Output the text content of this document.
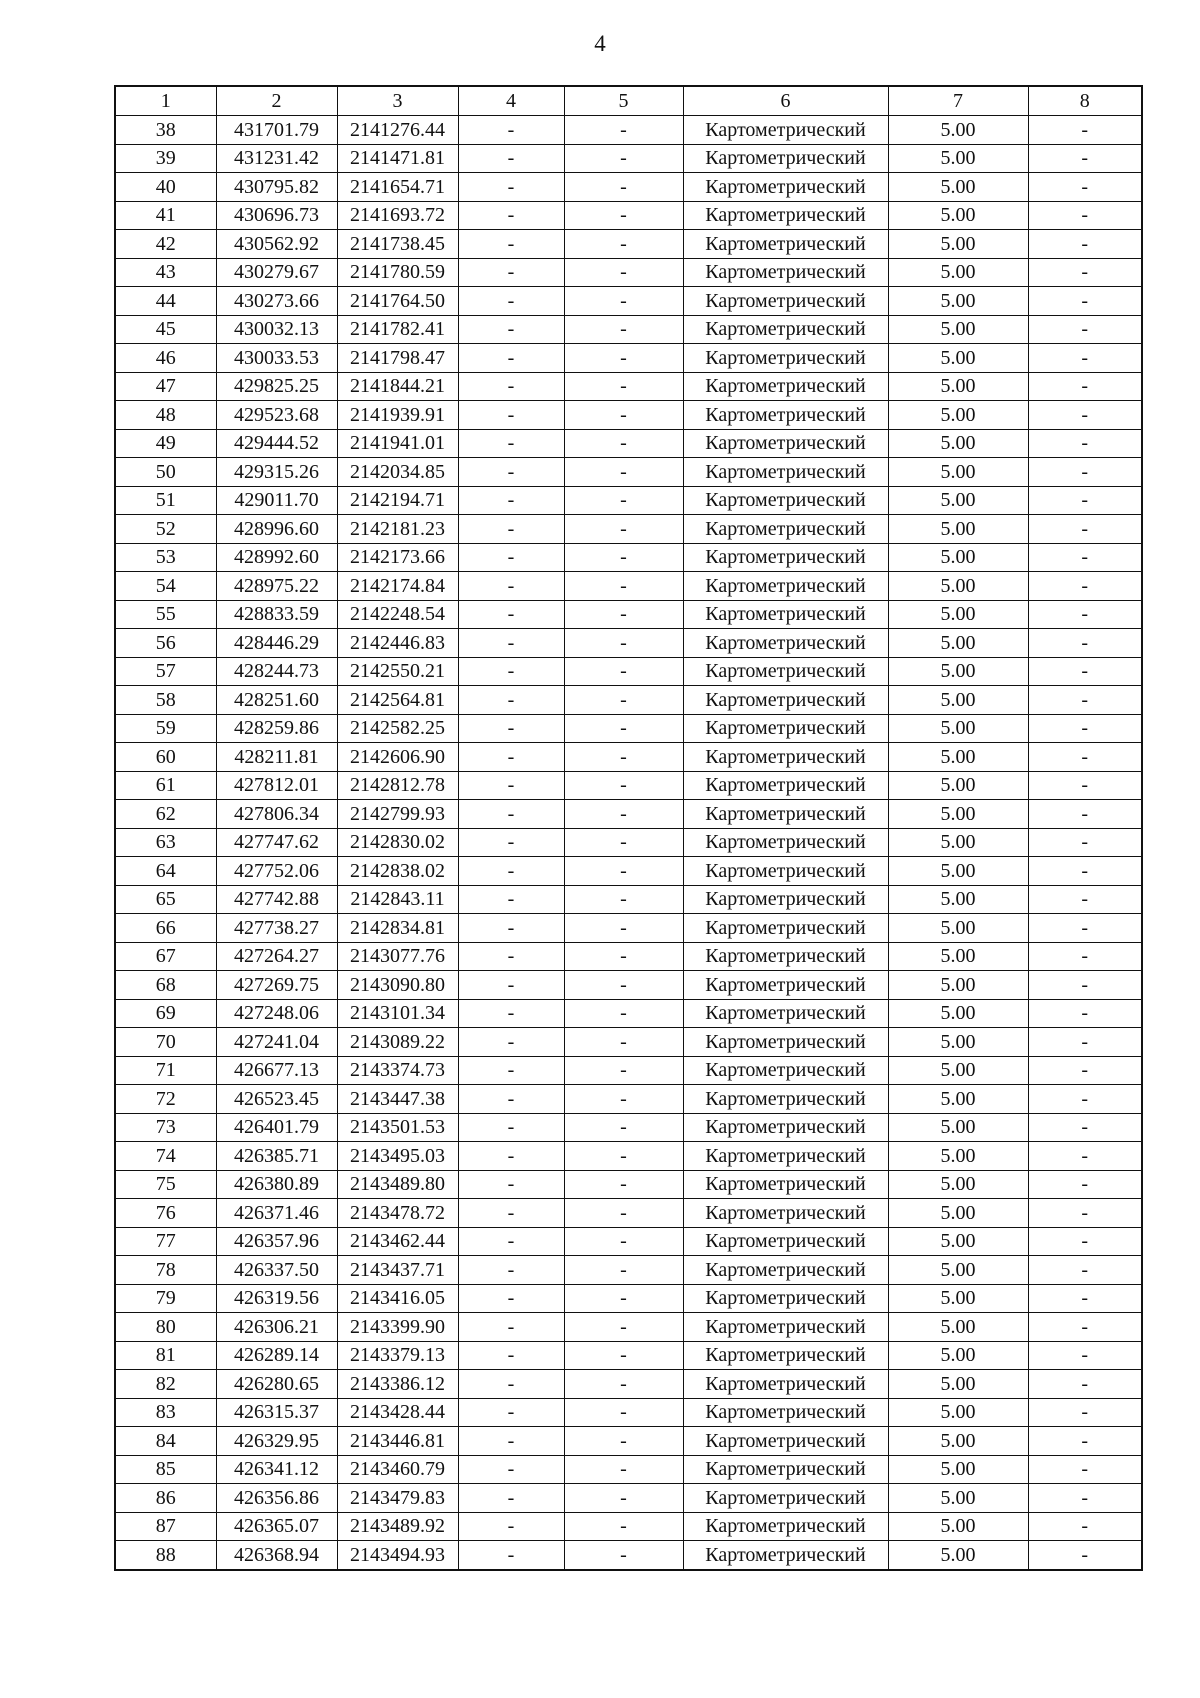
4
1	2	3	4	5	6	7	8
38	431701.79	2141276.44	-	-	Картометрический	5.00	-
39	431231.42	2141471.81	-	-	Картометрический	5.00	-
40	430795.82	2141654.71	-	-	Картометрический	5.00	-
41	430696.73	2141693.72	-	-	Картометрический	5.00	-
42	430562.92	2141738.45	-	-	Картометрический	5.00	-
43	430279.67	2141780.59	-	-	Картометрический	5.00	-
44	430273.66	2141764.50	-	-	Картометрический	5.00	-
45	430032.13	2141782.41	-	-	Картометрический	5.00	-
46	430033.53	2141798.47	-	-	Картометрический	5.00	-
47	429825.25	2141844.21	-	-	Картометрический	5.00	-
48	429523.68	2141939.91	-	-	Картометрический	5.00	-
49	429444.52	2141941.01	-	-	Картометрический	5.00	-
50	429315.26	2142034.85	-	-	Картометрический	5.00	-
51	429011.70	2142194.71	-	-	Картометрический	5.00	-
52	428996.60	2142181.23	-	-	Картометрический	5.00	-
53	428992.60	2142173.66	-	-	Картометрический	5.00	-
54	428975.22	2142174.84	-	-	Картометрический	5.00	-
55	428833.59	2142248.54	-	-	Картометрический	5.00	-
56	428446.29	2142446.83	-	-	Картометрический	5.00	-
57	428244.73	2142550.21	-	-	Картометрический	5.00	-
58	428251.60	2142564.81	-	-	Картометрический	5.00	-
59	428259.86	2142582.25	-	-	Картометрический	5.00	-
60	428211.81	2142606.90	-	-	Картометрический	5.00	-
61	427812.01	2142812.78	-	-	Картометрический	5.00	-
62	427806.34	2142799.93	-	-	Картометрический	5.00	-
63	427747.62	2142830.02	-	-	Картометрический	5.00	-
64	427752.06	2142838.02	-	-	Картометрический	5.00	-
65	427742.88	2142843.11	-	-	Картометрический	5.00	-
66	427738.27	2142834.81	-	-	Картометрический	5.00	-
67	427264.27	2143077.76	-	-	Картометрический	5.00	-
68	427269.75	2143090.80	-	-	Картометрический	5.00	-
69	427248.06	2143101.34	-	-	Картометрический	5.00	-
70	427241.04	2143089.22	-	-	Картометрический	5.00	-
71	426677.13	2143374.73	-	-	Картометрический	5.00	-
72	426523.45	2143447.38	-	-	Картометрический	5.00	-
73	426401.79	2143501.53	-	-	Картометрический	5.00	-
74	426385.71	2143495.03	-	-	Картометрический	5.00	-
75	426380.89	2143489.80	-	-	Картометрический	5.00	-
76	426371.46	2143478.72	-	-	Картометрический	5.00	-
77	426357.96	2143462.44	-	-	Картометрический	5.00	-
78	426337.50	2143437.71	-	-	Картометрический	5.00	-
79	426319.56	2143416.05	-	-	Картометрический	5.00	-
80	426306.21	2143399.90	-	-	Картометрический	5.00	-
81	426289.14	2143379.13	-	-	Картометрический	5.00	-
82	426280.65	2143386.12	-	-	Картометрический	5.00	-
83	426315.37	2143428.44	-	-	Картометрический	5.00	-
84	426329.95	2143446.81	-	-	Картометрический	5.00	-
85	426341.12	2143460.79	-	-	Картометрический	5.00	-
86	426356.86	2143479.83	-	-	Картометрический	5.00	-
87	426365.07	2143489.92	-	-	Картометрический	5.00	-
88	426368.94	2143494.93	-	-	Картометрический	5.00	-
